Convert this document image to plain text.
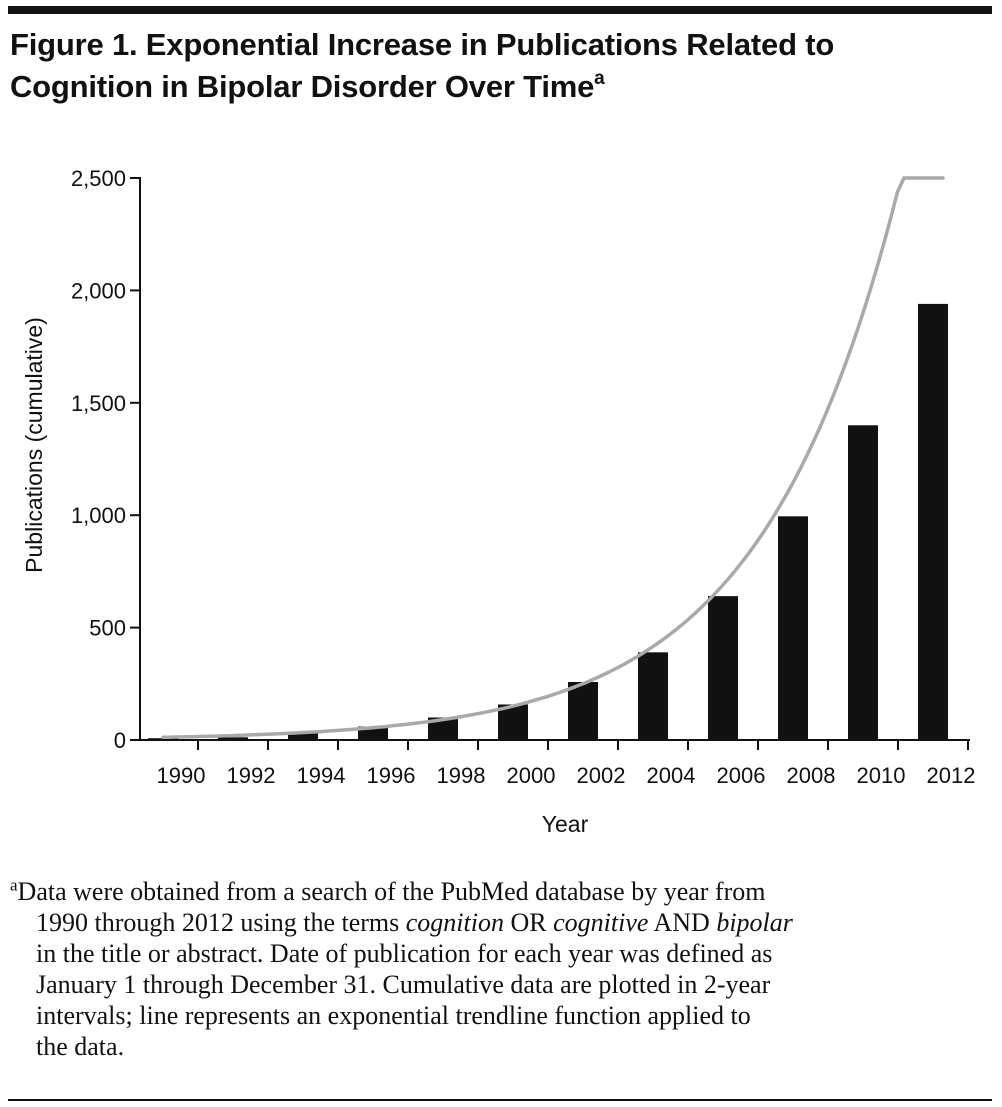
Figure 1. Exponential Increase in Publications Related to
Cognition in Bipolar Disorder Over Time$^a$
Publications (cumulative)
0
500
1,000
1,500
2,000
2,500
1990 1992 1994 1996 1998 2000 2002 2004 2006 2008 2010 2012
Year

$^a$Data were obtained from a search of the PubMed database by year from
1990 through 2012 using the terms cognition OR cognitive AND bipolar
in the title or abstract. Date of publication for each year was defined as
January 1 through December 31. Cumulative data are plotted in 2-year
intervals; line represents an exponential trendline function applied to
the data.
